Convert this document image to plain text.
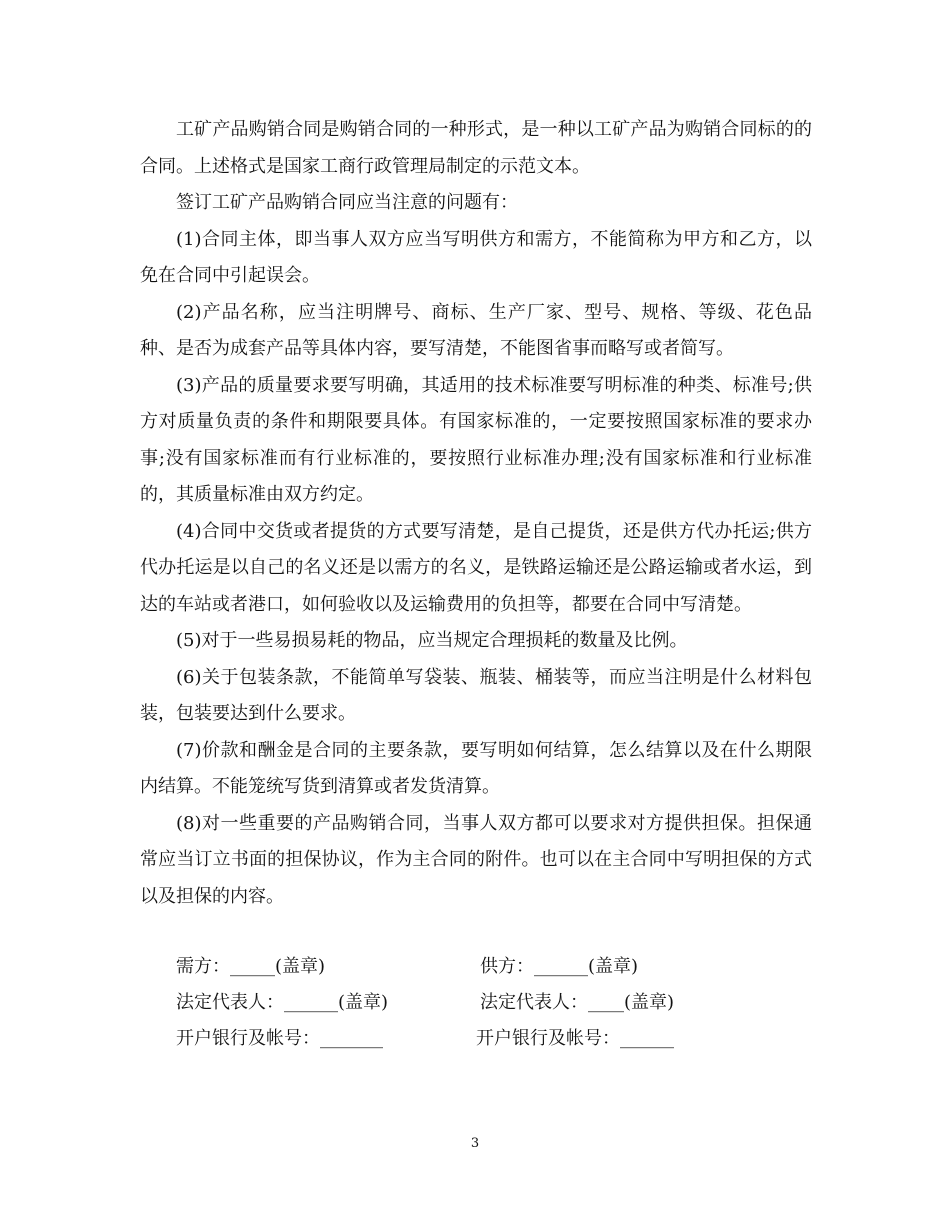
工矿产品购销合同是购销合同的一种形式，是一种以工矿产品为购销合同标的的合同。上述格式是国家工商行政管理局制定的示范文本。

签订工矿产品购销合同应当注意的问题有：

(1)合同主体，即当事人双方应当写明供方和需方，不能简称为甲方和乙方，以免在合同中引起误会。

(2)产品名称，应当注明牌号、商标、生产厂家、型号、规格、等级、花色品种、是否为成套产品等具体内容，要写清楚，不能图省事而略写或者简写。

(3)产品的质量要求要写明确，其适用的技术标准要写明标准的种类、标准号;供方对质量负责的条件和期限要具体。有国家标准的，一定要按照国家标准的要求办事;没有国家标准而有行业标准的，要按照行业标准办理;没有国家标准和行业标准的，其质量标准由双方约定。

(4)合同中交货或者提货的方式要写清楚，是自己提货，还是供方代办托运;供方代办托运是以自己的名义还是以需方的名义，是铁路运输还是公路运输或者水运，到达的车站或者港口，如何验收以及运输费用的负担等，都要在合同中写清楚。

(5)对于一些易损易耗的物品，应当规定合理损耗的数量及比例。

(6)关于包装条款，不能简单写袋装、瓶装、桶装等，而应当注明是什么材料包装，包装要达到什么要求。

(7)价款和酬金是合同的主要条款，要写明如何结算，怎么结算以及在什么期限内结算。不能笼统写货到清算或者发货清算。

(8)对一些重要的产品购销合同，当事人双方都可以要求对方提供担保。担保通常应当订立书面的担保协议，作为主合同的附件。也可以在主合同中写明担保的方式以及担保的内容。

需方：_____(盖章)	供方：______(盖章)
法定代表人：______(盖章)	法定代表人：____(盖章)
开户银行及帐号：_______	开户银行及帐号：______
3
